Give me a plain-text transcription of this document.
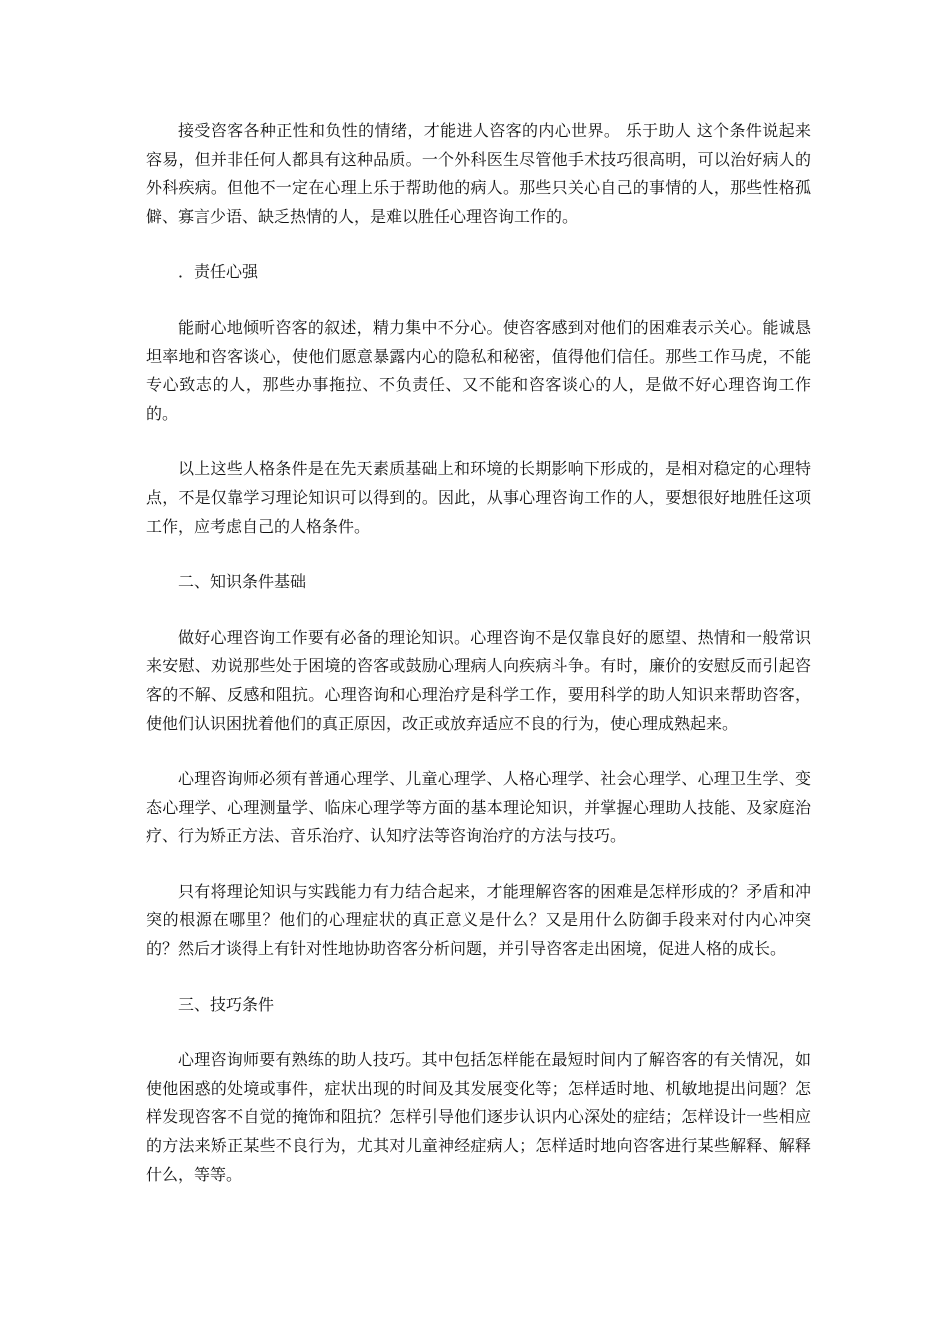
接受咨客各种正性和负性的情绪，才能进人咨客的内心世界。 乐于助人 这个条件说起来容易，但并非任何人都具有这种品质。一个外科医生尽管他手术技巧很高明，可以治好病人的外科疾病。但他不一定在心理上乐于帮助他的病人。那些只关心自己的事情的人，那些性格孤僻、寡言少语、缺乏热情的人，是难以胜任心理咨询工作的。

．责任心强

能耐心地倾听咨客的叙述，精力集中不分心。使咨客感到对他们的困难表示关心。能诚恳坦率地和咨客谈心，使他们愿意暴露内心的隐私和秘密，值得他们信任。那些工作马虎，不能专心致志的人，那些办事拖拉、不负责任、又不能和咨客谈心的人，是做不好心理咨询工作的。

以上这些人格条件是在先天素质基础上和环境的长期影响下形成的，是相对稳定的心理特点，不是仅靠学习理论知识可以得到的。因此，从事心理咨询工作的人，要想很好地胜任这项工作，应考虑自己的人格条件。

二、知识条件基础

做好心理咨询工作要有必备的理论知识。心理咨询不是仅靠良好的愿望、热情和一般常识来安慰、劝说那些处于困境的咨客或鼓励心理病人向疾病斗争。有时，廉价的安慰反而引起咨客的不解、反感和阻抗。心理咨询和心理治疗是科学工作，要用科学的助人知识来帮助咨客，使他们认识困扰着他们的真正原因，改正或放弃适应不良的行为，使心理成熟起来。

心理咨询师必须有普通心理学、儿童心理学、人格心理学、社会心理学、心理卫生学、变态心理学、心理测量学、临床心理学等方面的基本理论知识，并掌握心理助人技能、及家庭治疗、行为矫正方法、音乐治疗、认知疗法等咨询治疗的方法与技巧。

只有将理论知识与实践能力有力结合起来，才能理解咨客的困难是怎样形成的？矛盾和冲突的根源在哪里？他们的心理症状的真正意义是什么？又是用什么防御手段来对付内心冲突的？然后才谈得上有针对性地协助咨客分析问题，并引导咨客走出困境，促进人格的成长。

三、技巧条件

心理咨询师要有熟练的助人技巧。其中包括怎样能在最短时间内了解咨客的有关情况，如使他困惑的处境或事件，症状出现的时间及其发展变化等；怎样适时地、机敏地提出问题？怎样发现咨客不自觉的掩饰和阻抗？怎样引导他们逐步认识内心深处的症结；怎样设计一些相应的方法来矫正某些不良行为，尤其对儿童神经症病人；怎样适时地向咨客进行某些解释、解释什么，等等。
